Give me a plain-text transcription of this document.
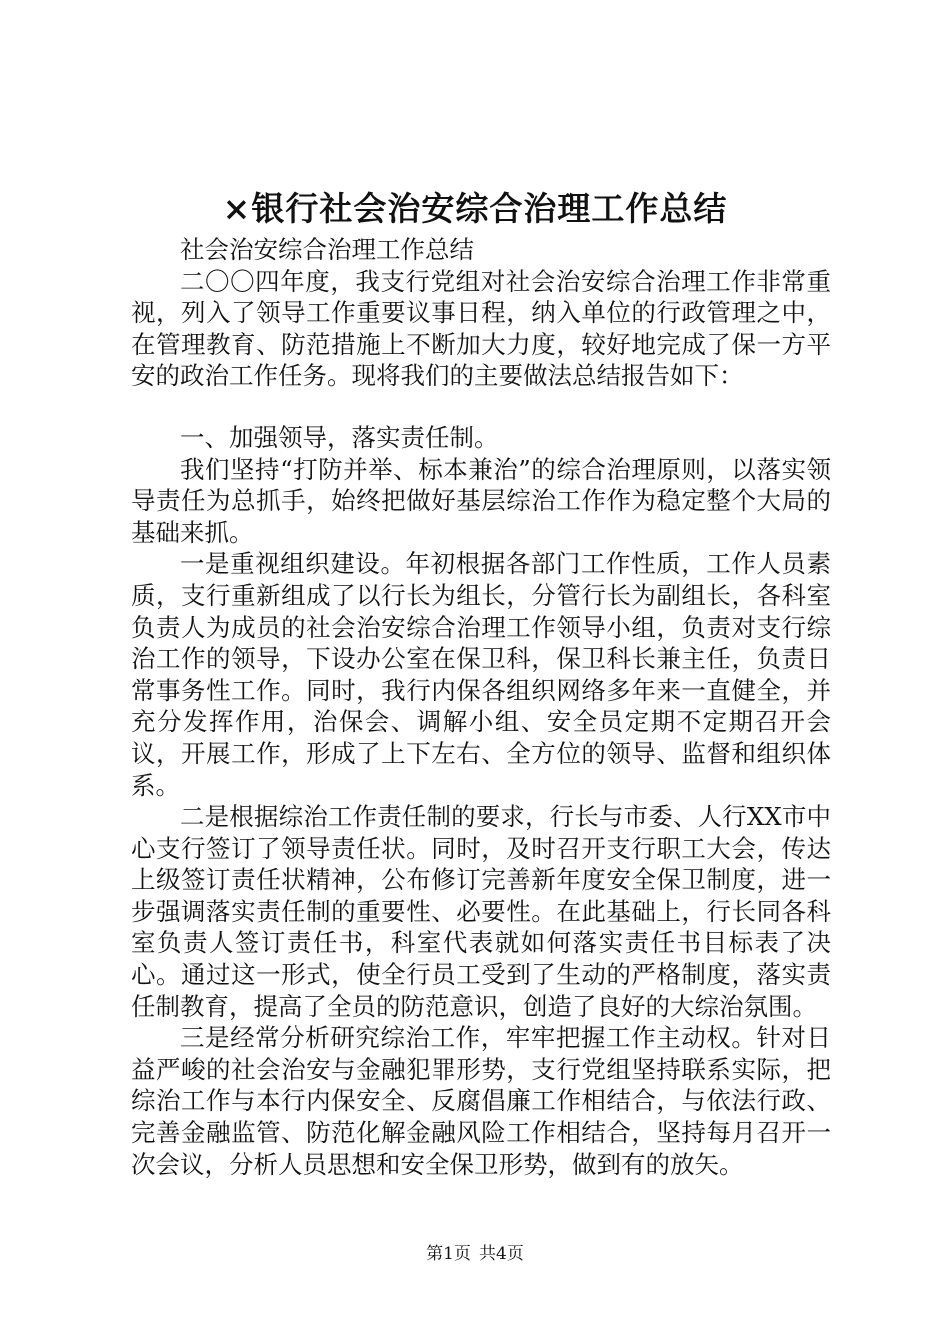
×银行社会治安综合治理工作总结

社会治安综合治理工作总结

二〇〇四年度，我支行党组对社会治安综合治理工作非常重视，列入了领导工作重要议事日程，纳入单位的行政管理之中，在管理教育、防范措施上不断加大力度，较好地完成了保一方平安的政治工作任务。现将我们的主要做法总结报告如下：

一、加强领导，落实责任制。

我们坚持“打防并举、标本兼治”的综合治理原则，以落实领导责任为总抓手，始终把做好基层综治工作作为稳定整个大局的基础来抓。

一是重视组织建设。年初根据各部门工作性质，工作人员素质，支行重新组成了以行长为组长，分管行长为副组长，各科室负责人为成员的社会治安综合治理工作领导小组，负责对支行综治工作的领导，下设办公室在保卫科，保卫科长兼主任，负责日常事务性工作。同时，我行内保各组织网络多年来一直健全，并充分发挥作用，治保会、调解小组、安全员定期不定期召开会议，开展工作，形成了上下左右、全方位的领导、监督和组织体系。

二是根据综治工作责任制的要求，行长与市委、人行XX市中心支行签订了领导责任状。同时，及时召开支行职工大会，传达上级签订责任状精神，公布修订完善新年度安全保卫制度，进一步强调落实责任制的重要性、必要性。在此基础上，行长同各科室负责人签订责任书，科室代表就如何落实责任书目标表了决心。通过这一形式，使全行员工受到了生动的严格制度，落实责任制教育，提高了全员的防范意识，创造了良好的大综治氛围。

三是经常分析研究综治工作，牢牢把握工作主动权。针对日益严峻的社会治安与金融犯罪形势，支行党组坚持联系实际，把综治工作与本行内保安全、反腐倡廉工作相结合，与依法行政、完善金融监管、防范化解金融风险工作相结合，坚持每月召开一次会议，分析人员思想和安全保卫形势，做到有的放矢。

第1页 共4页
